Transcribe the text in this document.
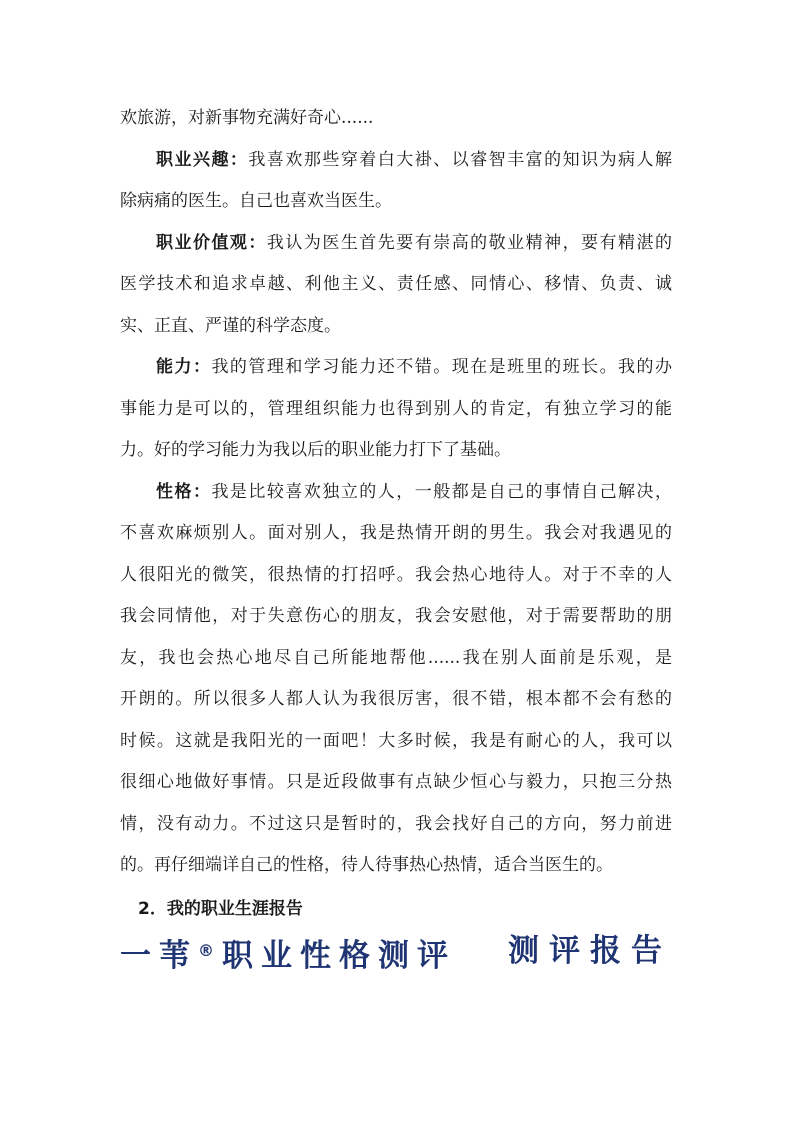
欢旅游，对新事物充满好奇心......
职业兴趣：我喜欢那些穿着白大褂、以睿智丰富的知识为病人解
除病痛的医生。自己也喜欢当医生。
职业价值观：我认为医生首先要有崇高的敬业精神，要有精湛的
医学技术和追求卓越、利他主义、责任感、同情心、移情、负责、诚
实、正直、严谨的科学态度。
能力：我的管理和学习能力还不错。现在是班里的班长。我的办
事能力是可以的，管理组织能力也得到别人的肯定，有独立学习的能
力。好的学习能力为我以后的职业能力打下了基础。
性格：我是比较喜欢独立的人，一般都是自己的事情自己解决，
不喜欢麻烦别人。面对别人，我是热情开朗的男生。我会对我遇见的
人很阳光的微笑，很热情的打招呼。我会热心地待人。对于不幸的人
我会同情他，对于失意伤心的朋友，我会安慰他，对于需要帮助的朋
友，我也会热心地尽自己所能地帮他......我在别人面前是乐观，是
开朗的。所以很多人都人认为我很厉害，很不错，根本都不会有愁的
时候。这就是我阳光的一面吧！大多时候，我是有耐心的人，我可以
很细心地做好事情。只是近段做事有点缺少恒心与毅力，只抱三分热
情，没有动力。不过这只是暂时的，我会找好自己的方向，努力前进
的。再仔细端详自己的性格，待人待事热心热情，适合当医生的。
2．我的职业生涯报告
一苇®职业性格测评 测评报告
